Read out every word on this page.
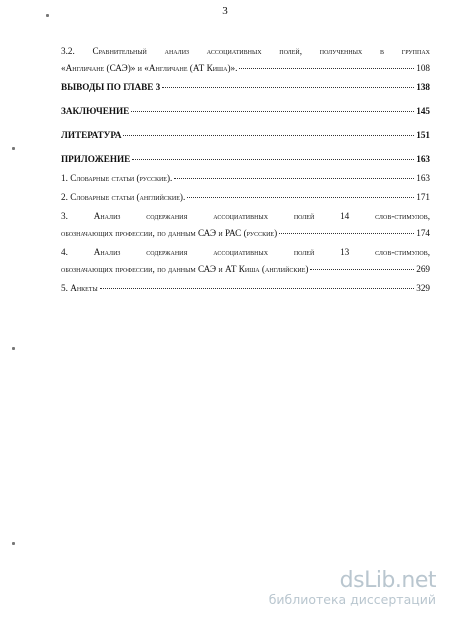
3
3.2. Сравнительный анализ ассоциативных полей, полученных в группах
«Англичане (САЭ)» и «Англичане (АТ Киша)».	108
ВЫВОДЫ ПО ГЛАВЕ 3	138
ЗАКЛЮЧЕНИЕ	145
ЛИТЕРАТУРА	151
ПРИЛОЖЕНИЕ	163
1. Словарные статьи (русские).	163
2. Словарные статьи (английские).	171
3. Анализ содержания ассоциативных полей 14 слов-стимулов,
обозначающих профессии, по данным САЭ и РАС (русские)	174
4. Анализ содержания ассоциативных полей 13 слов-стимулов,
обозначающих профессии, по данным САЭ и АТ Киша (английские)	269
5. Анкеты	329
dsLib.net
библиотека диссертаций
